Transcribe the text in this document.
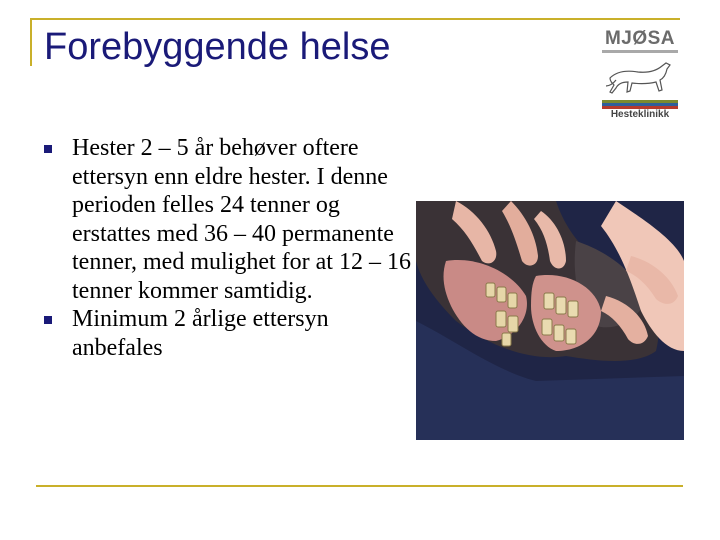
Forebyggende helse	MJØSA
Hesteklinikk
Hester 2 – 5 år behøver oftere ettersyn enn eldre hester. I denne perioden felles 24 tenner og erstattes med 36 – 40 permanente tenner, med mulighet for at 12 – 16 tenner kommer samtidig.
Minimum 2 årlige ettersyn anbefales
